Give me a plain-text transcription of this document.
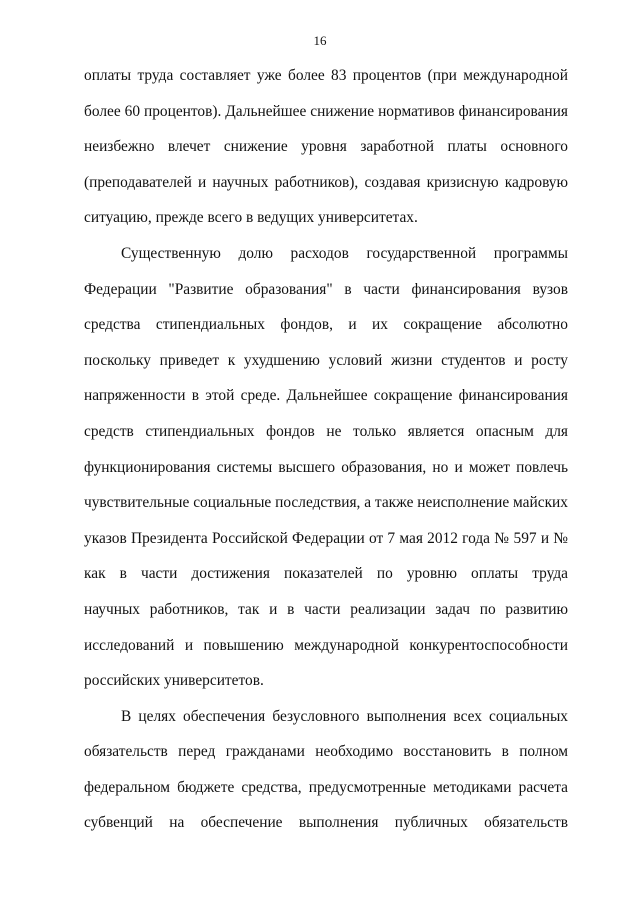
16
оплаты труда составляет уже более 83 процентов (при международной
более 60 процентов). Дальнейшее снижение нормативов финансирования
неизбежно влечет снижение уровня заработной платы основного
(преподавателей и научных работников), создавая кризисную кадровую
ситуацию, прежде всего в ведущих университетах.
Существенную долю расходов государственной программы
Федерации "Развитие образования" в части финансирования вузов
средства стипендиальных фондов, и их сокращение абсолютно
поскольку приведет к ухудшению условий жизни студентов и росту
напряженности в этой среде. Дальнейшее сокращение финансирования
средств стипендиальных фондов не только является опасным для
функционирования системы высшего образования, но и может повлечь
чувствительные социальные последствия, а также неисполнение майских
указов Президента Российской Федерации от 7 мая 2012 года № 597 и №
как в части достижения показателей по уровню оплаты труда
научных работников, так и в части реализации задач по развитию
исследований и повышению международной конкурентоспособности
российских университетов.
В целях обеспечения безусловного выполнения всех социальных
обязательств перед гражданами необходимо восстановить в полном
федеральном бюджете средства, предусмотренные методиками расчета
субвенций на обеспечение выполнения публичных обязательств
